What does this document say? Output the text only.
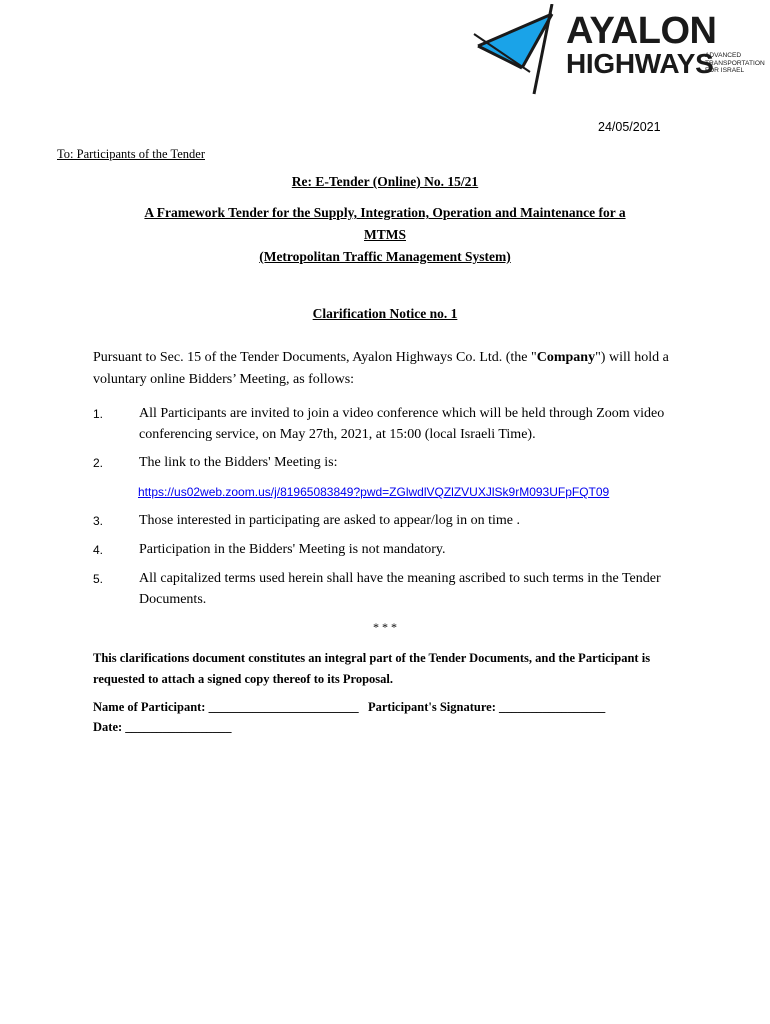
AYALON
HIGHWAYS
ADVANCED
TRANSPORTATION
FOR ISRAEL
24/05/2021
To: Participants of the Tender
Re: E-Tender (Online) No. 15/21
A Framework Tender for the Supply, Integration, Operation and Maintenance for a
MTMS
(Metropolitan Traffic Management System)
Clarification Notice no. 1
Pursuant to Sec. 15 of the Tender Documents, Ayalon Highways Co. Ltd. (the "Company") will hold a voluntary online Bidders’ Meeting, as follows:
1.	All Participants are invited to join a video conference which will be held through Zoom video conferencing service, on May 27th, 2021, at 15:00 (local Israeli Time).
2.	The link to the Bidders' Meeting is:
https://us02web.zoom.us/j/81965083849?pwd=ZGlwdlVQZlZVUXJlSk9rM093UFpFQT09
3.	Those interested in participating are asked to appear/log in on time .
4.	Participation in the Bidders' Meeting is not mandatory.
5.	All capitalized terms used herein shall have the meaning ascribed to such terms in the Tender Documents.
* * *
This clarifications document constitutes an integral part of the Tender Documents, and the Participant is requested to attach a signed copy thereof to its Proposal.
Name of Participant: ________________________ Participant's Signature: _________________
Date: _________________
